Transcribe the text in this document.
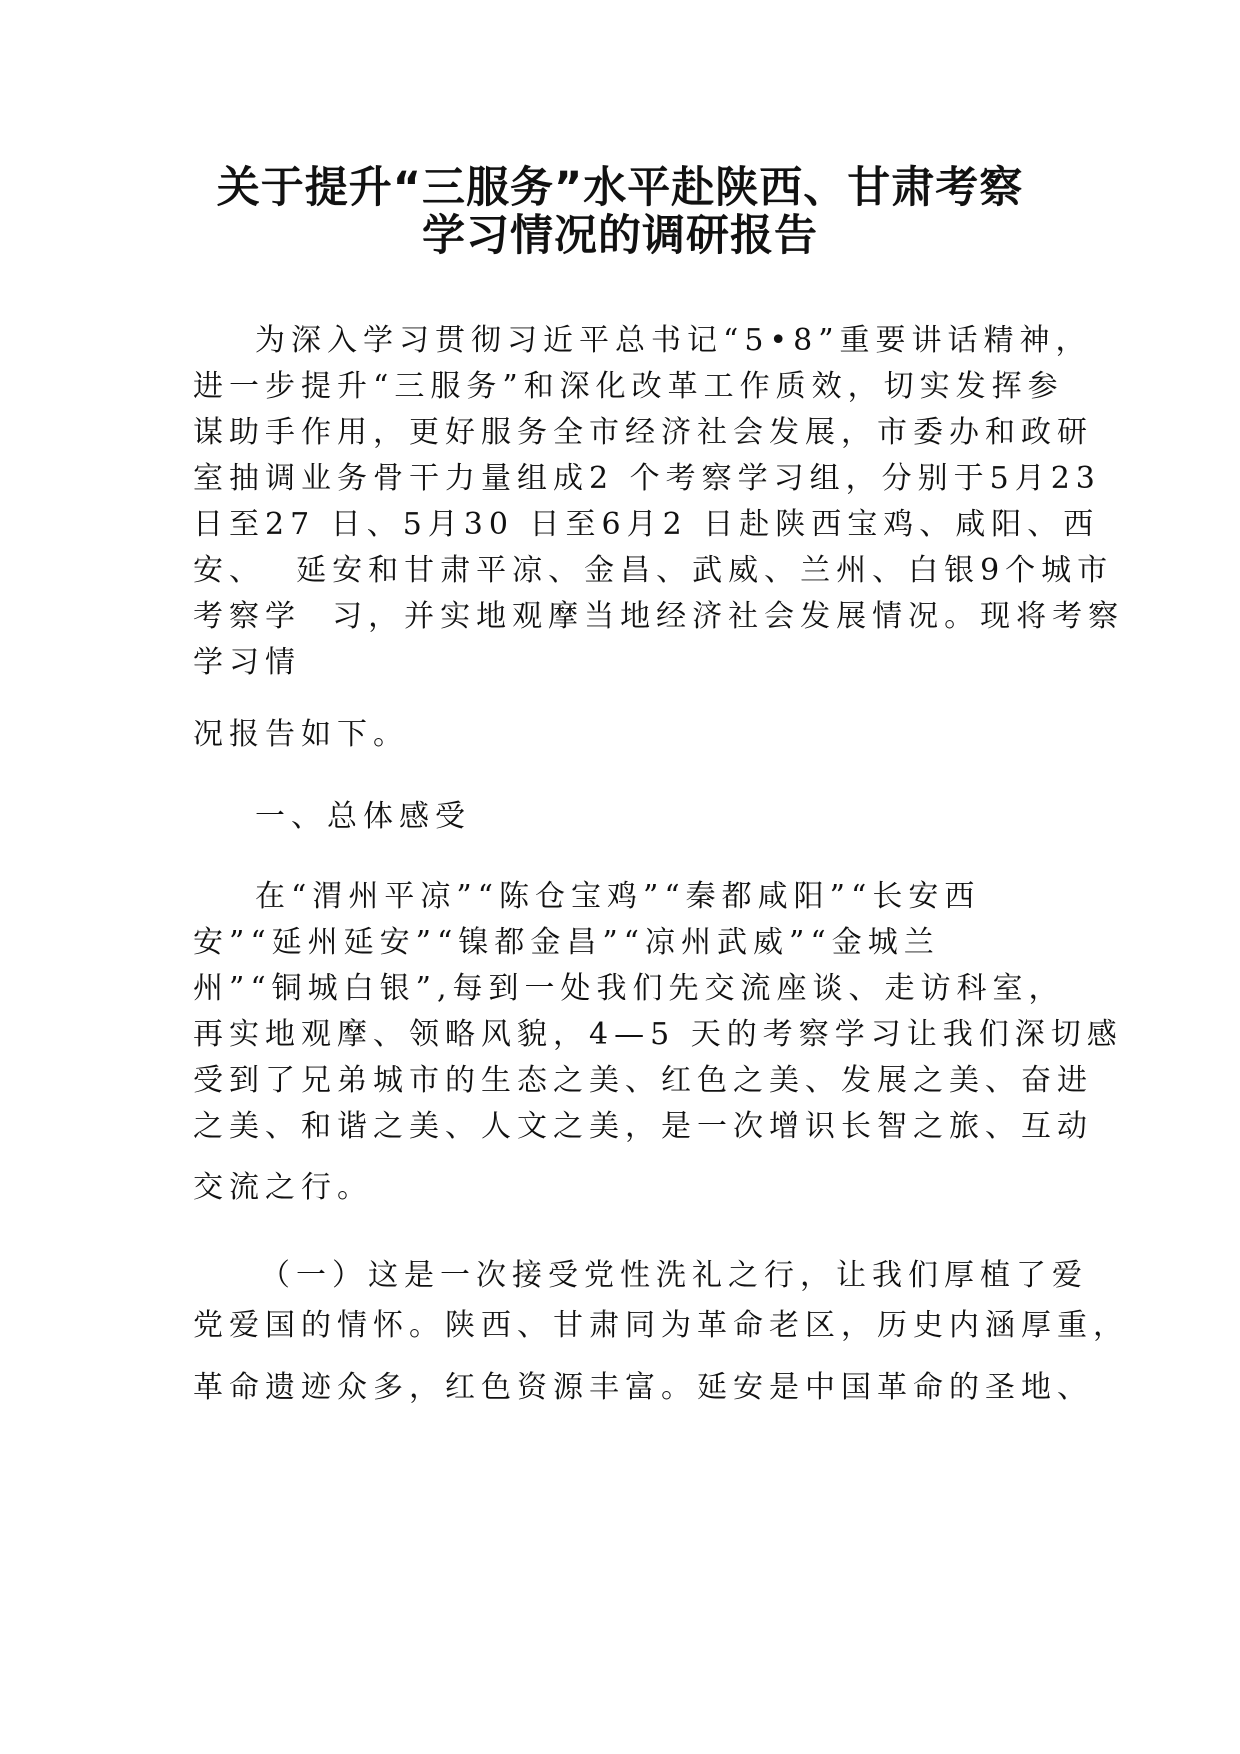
关于提升“三服务”水平赴陕西、甘肃考察
学习情况的调研报告
为深入学习贯彻习近平总书记“5•8”重要讲话精神，
进一步提升“三服务”和深化改革工作质效，切实发挥参
谋助手作用，更好服务全市经济社会发展，市委办和政研
室抽调业务骨干力量组成2 个考察学习组，分别于5月23
日至27 日、5月30 日至6月2 日赴陕西宝鸡、咸阳、西
安、  延安和甘肃平凉、金昌、武威、兰州、白银9个城市
考察学  习，并实地观摩当地经济社会发展情况。现将考察
学习情
况报告如下。
一、总体感受
在“渭州平凉”“陈仓宝鸡”“秦都咸阳”“长安西
安”“延州延安”“镍都金昌”“凉州武威”“金城兰
州”“铜城白银”,每到一处我们先交流座谈、走访科室，
再实地观摩、领略风貌，4—5 天的考察学习让我们深切感
受到了兄弟城市的生态之美、红色之美、发展之美、奋进
之美、和谐之美、人文之美，是一次增识长智之旅、互动
交流之行。
（一）这是一次接受党性洗礼之行，让我们厚植了爱
党爱国的情怀。陕西、甘肃同为革命老区，历史内涵厚重，
革命遗迹众多，红色资源丰富。延安是中国革命的圣地、
